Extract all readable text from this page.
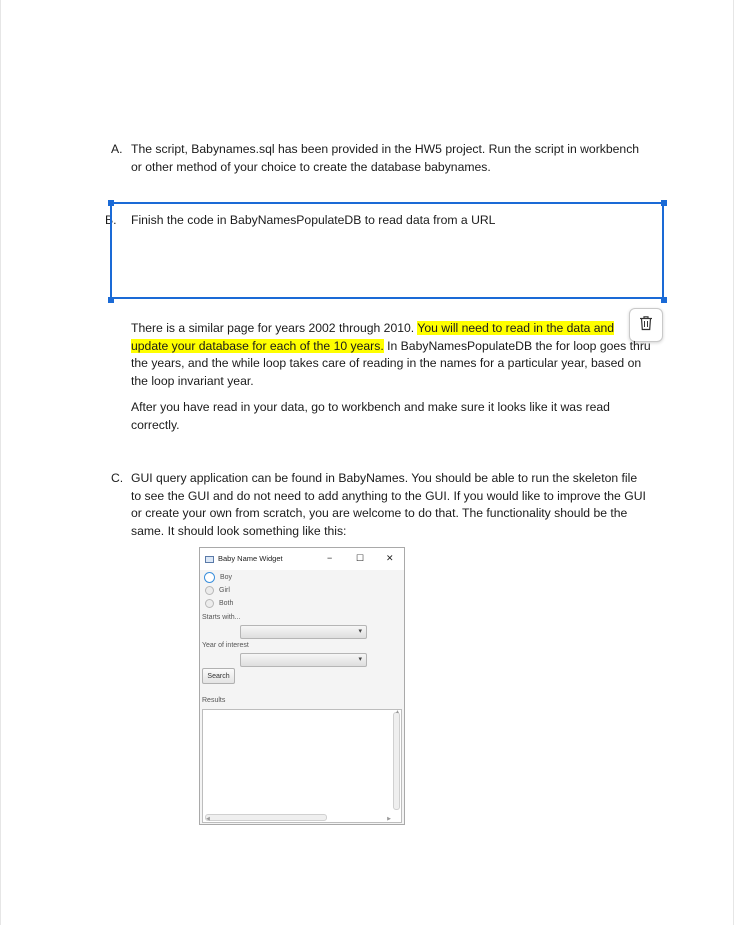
A. The script, Babynames.sql has been provided in the HW5 project. Run the script in workbench
or other method of your choice to create the database babynames.
B. Finish the code in BabyNamesPopulateDB to read data from a URL
There is a similar page for years 2002 through 2010. You will need to read in the data and
update your database for each of the 10 years. In BabyNamesPopulateDB the for loop goes thru
the years, and the while loop takes care of reading in the names for a particular year, based on
the loop invariant year.
After you have read in your data, go to workbench and make sure it looks like it was read
correctly.
C. GUI query application can be found in BabyNames. You should be able to run the skeleton file
to see the GUI and do not need to add anything to the GUI. If you would like to improve the GUI
or create your own from scratch, you are welcome to do that. The functionality should be the
same. It should look something like this:
Baby Name Widget	−	☐ ✕
Boy
Girl
Both
Starts with...
▾
Year of interest
▾
Search
Results
◀	▶
▲
